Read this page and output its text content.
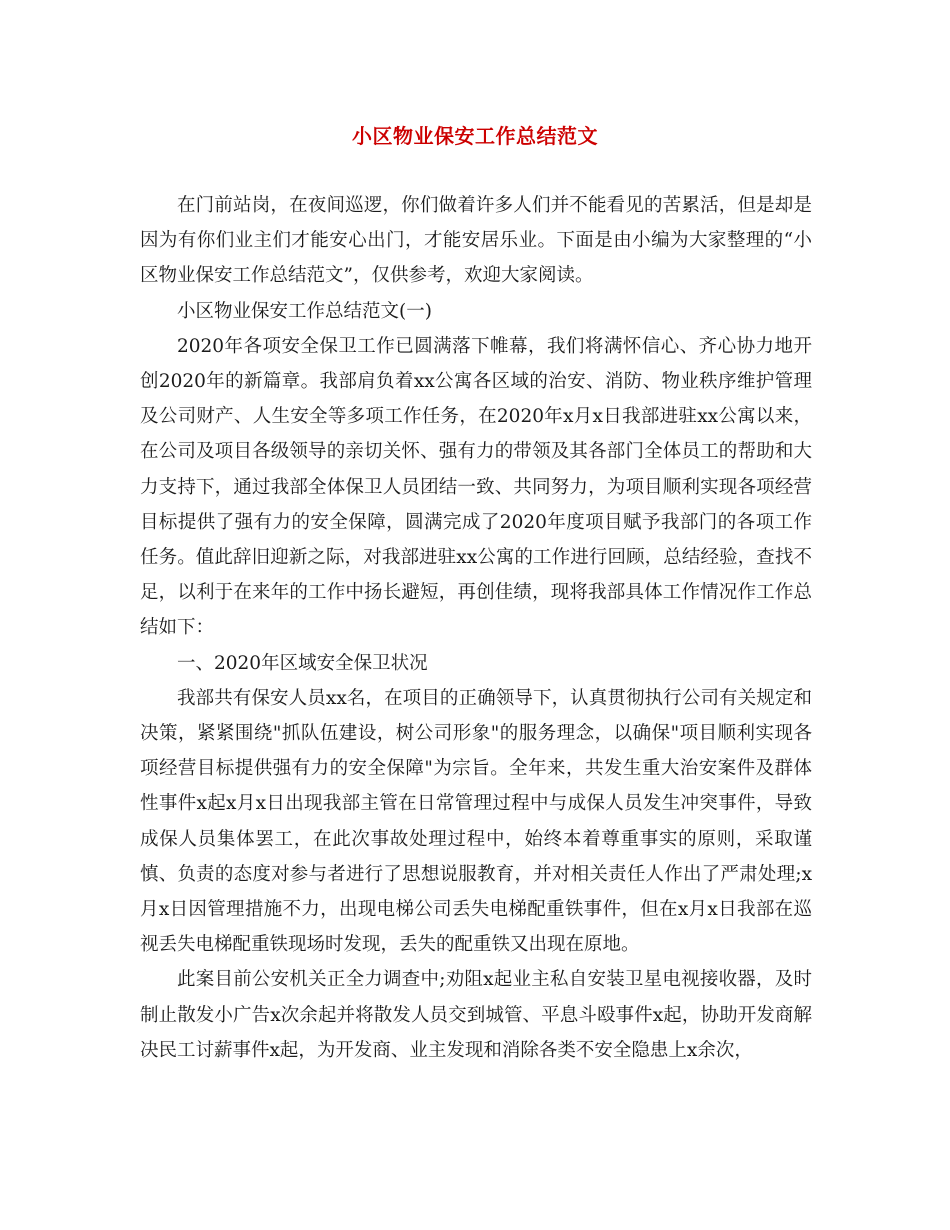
小区物业保安工作总结范文

在门前站岗，在夜间巡逻，你们做着许多人们并不能看见的苦累活，但是却是因为有你们业主们才能安心出门，才能安居乐业。下面是由小编为大家整理的“小区物业保安工作总结范文”，仅供参考，欢迎大家阅读。

小区物业保安工作总结范文(一)

2020年各项安全保卫工作已圆满落下帷幕，我们将满怀信心、齐心协力地开创2020年的新篇章。我部肩负着xx公寓各区域的治安、消防、物业秩序维护管理及公司财产、人生安全等多项工作任务，在2020年x月x日我部进驻xx公寓以来，在公司及项目各级领导的亲切关怀、强有力的带领及其各部门全体员工的帮助和大力支持下，通过我部全体保卫人员团结一致、共同努力，为项目顺利实现各项经营目标提供了强有力的安全保障，圆满完成了2020年度项目赋予我部门的各项工作任务。值此辞旧迎新之际，对我部进驻xx公寓的工作进行回顾，总结经验，查找不足，以利于在来年的工作中扬长避短，再创佳绩，现将我部具体工作情况作工作总结如下：

一、2020年区域安全保卫状况

我部共有保安人员xx名，在项目的正确领导下，认真贯彻执行公司有关规定和决策，紧紧围绕"抓队伍建设，树公司形象"的服务理念，以确保"项目顺利实现各项经营目标提供强有力的安全保障"为宗旨。全年来，共发生重大治安案件及群体性事件x起x月x日出现我部主管在日常管理过程中与成保人员发生冲突事件，导致成保人员集体罢工，在此次事故处理过程中，始终本着尊重事实的原则，采取谨慎、负责的态度对参与者进行了思想说服教育，并对相关责任人作出了严肃处理;x月x日因管理措施不力，出现电梯公司丢失电梯配重铁事件，但在x月x日我部在巡视丢失电梯配重铁现场时发现，丢失的配重铁又出现在原地。

此案目前公安机关正全力调查中;劝阻x起业主私自安装卫星电视接收器，及时制止散发小广告x次余起并将散发人员交到城管、平息斗殴事件x起，协助开发商解决民工讨薪事件x起，为开发商、业主发现和消除各类不安全隐患上x余次，
